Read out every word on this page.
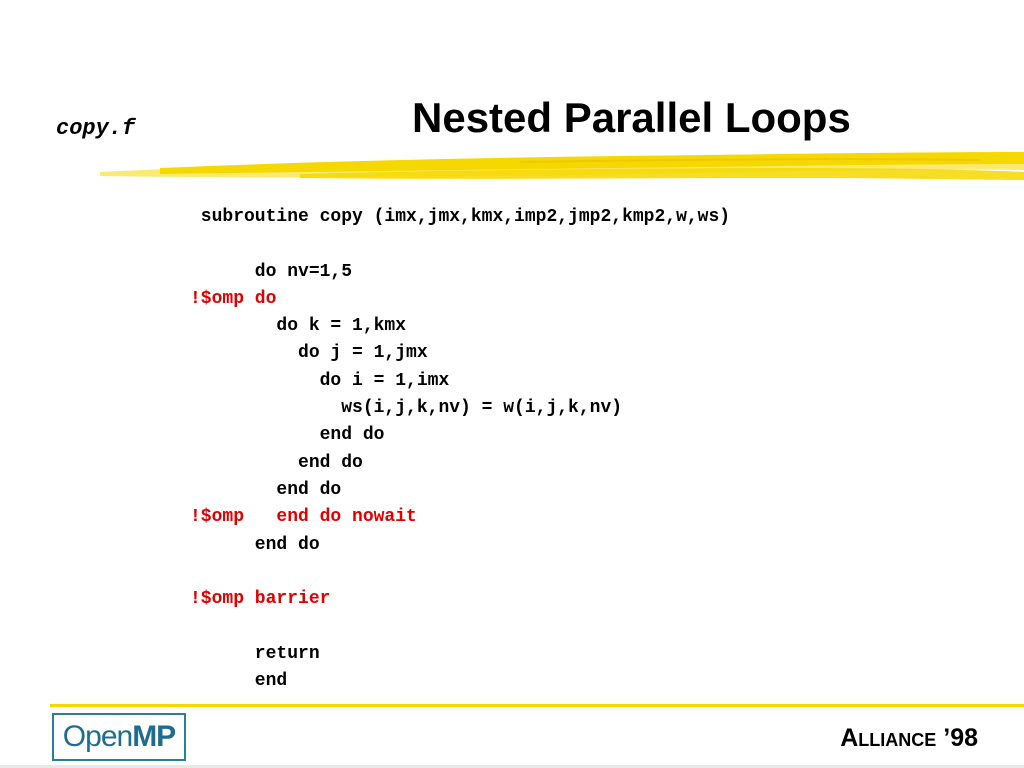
copy.f	Nested Parallel Loops
subroutine copy (imx,jmx,kmx,imp2,jmp2,kmp2,w,ws)
do nv=1,5
!$omp do
do k = 1,kmx
do j = 1,jmx
do i = 1,imx
ws(i,j,k,nv) = w(i,j,k,nv)
end do
end do
end do
!$omp   end do nowait
end do
!$omp barrier
return
end
OpenMP	Alliance ’98
